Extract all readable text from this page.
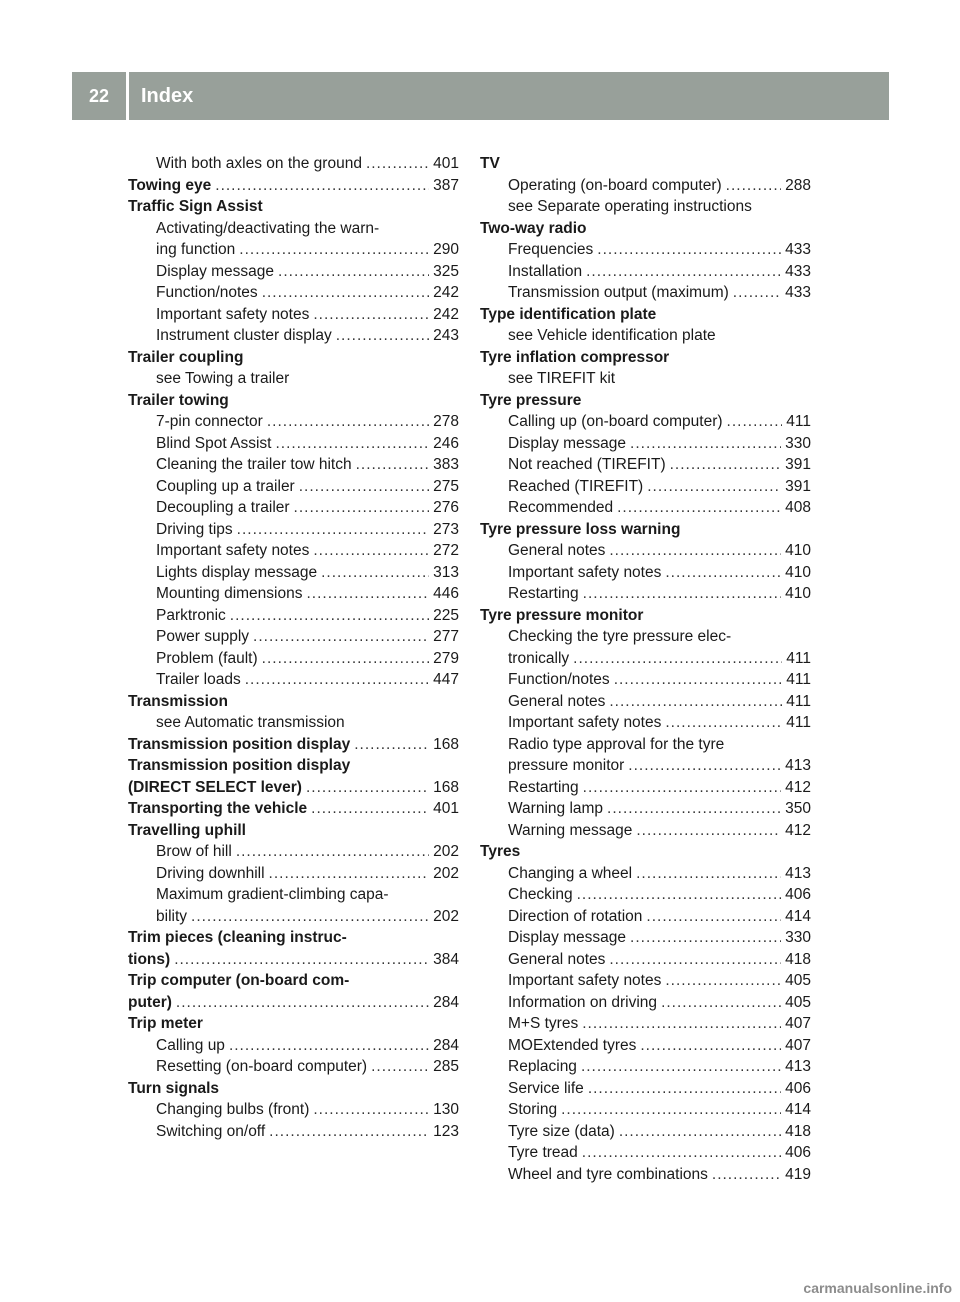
22	Index
With both axles on the ground .....	401
Towing eye .....	387
Traffic Sign Assist
Activating/deactivating the warn-
ing function .....	290
Display message .....	325
Function/notes .....	242
Important safety notes .....	242
Instrument cluster display .....	243
Trailer coupling
see Towing a trailer
Trailer towing
7-pin connector .....	278
Blind Spot Assist .....	246
Cleaning the trailer tow hitch .....	383
Coupling up a trailer .....	275
Decoupling a trailer .....	276
Driving tips .....	273
Important safety notes .....	272
Lights display message .....	313
Mounting dimensions .....	446
Parktronic .....	225
Power supply .....	277
Problem (fault) .....	279
Trailer loads .....	447
Transmission
see Automatic transmission
Transmission position display .....	168
Transmission position display
(DIRECT SELECT lever) .....	168
Transporting the vehicle .....	401
Travelling uphill
Brow of hill .....	202
Driving downhill .....	202
Maximum gradient-climbing capa-
bility .....	202
Trim pieces (cleaning instruc-
tions) .....	384
Trip computer (on-board com-
puter) .....	284
Trip meter
Calling up .....	284
Resetting (on-board computer) .....	285
Turn signals
Changing bulbs (front) .....	130
Switching on/off .....	123
TV
Operating (on-board computer) .....	288
see Separate operating instructions
Two-way radio
Frequencies .....	433
Installation .....	433
Transmission output (maximum) .....	433
Type identification plate
see Vehicle identification plate
Tyre inflation compressor
see TIREFIT kit
Tyre pressure
Calling up (on-board computer) .....	411
Display message .....	330
Not reached (TIREFIT) .....	391
Reached (TIREFIT) .....	391
Recommended .....	408
Tyre pressure loss warning
General notes .....	410
Important safety notes .....	410
Restarting .....	410
Tyre pressure monitor
Checking the tyre pressure elec-
tronically .....	411
Function/notes .....	411
General notes .....	411
Important safety notes .....	411
Radio type approval for the tyre
pressure monitor .....	413
Restarting .....	412
Warning lamp .....	350
Warning message .....	412
Tyres
Changing a wheel .....	413
Checking .....	406
Direction of rotation .....	414
Display message .....	330
General notes .....	418
Important safety notes .....	405
Information on driving .....	405
M+S tyres .....	407
MOExtended tyres .....	407
Replacing .....	413
Service life .....	406
Storing .....	414
Tyre size (data) .....	418
Tyre tread .....	406
Wheel and tyre combinations .....	419
carmanualsonline.info
